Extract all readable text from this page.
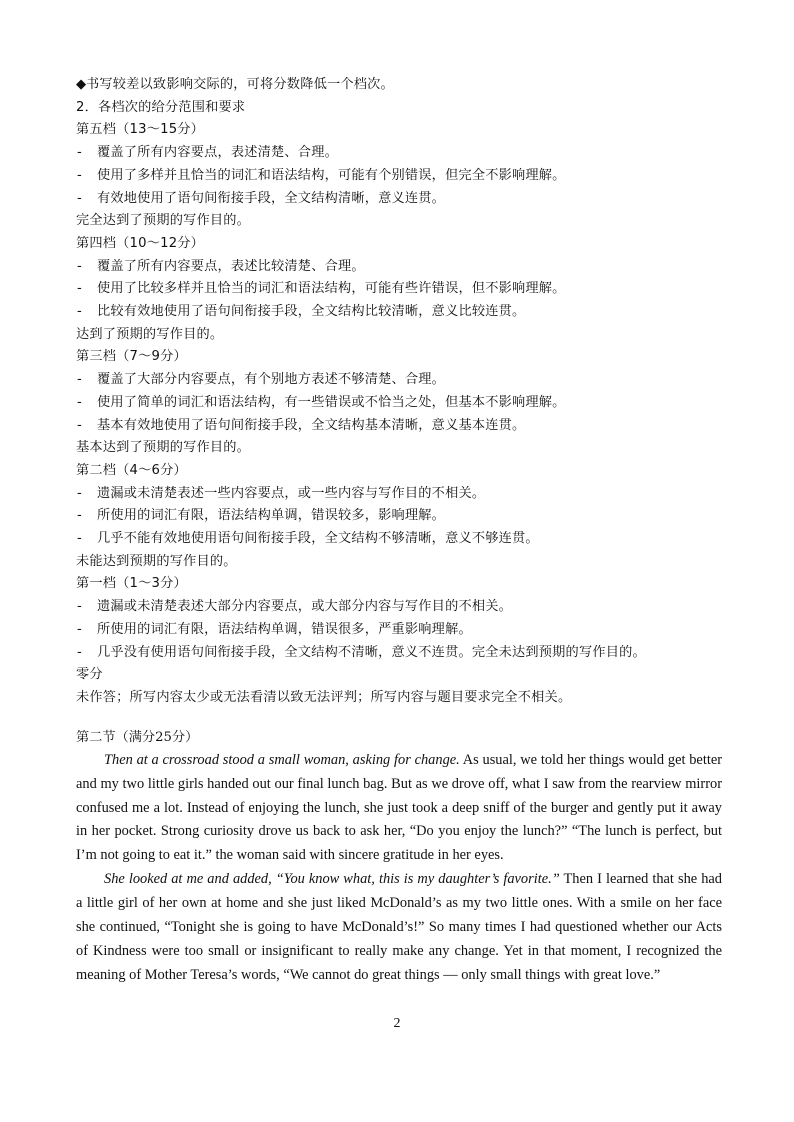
◆书写较差以致影响交际的，可将分数降低一个档次。
2．各档次的给分范围和要求
第五档（13～15分）
- 覆盖了所有内容要点，表述清楚、合理。
- 使用了多样并且恰当的词汇和语法结构，可能有个别错误，但完全不影响理解。
- 有效地使用了语句间衔接手段，全文结构清晰，意义连贯。
完全达到了预期的写作目的。
第四档（10～12分）
- 覆盖了所有内容要点，表述比较清楚、合理。
- 使用了比较多样并且恰当的词汇和语法结构，可能有些许错误，但不影响理解。
- 比较有效地使用了语句间衔接手段，全文结构比较清晰，意义比较连贯。
达到了预期的写作目的。
第三档（7～9分）
- 覆盖了大部分内容要点，有个别地方表述不够清楚、合理。
- 使用了简单的词汇和语法结构，有一些错误或不恰当之处，但基本不影响理解。
- 基本有效地使用了语句间衔接手段，全文结构基本清晰，意义基本连贯。
基本达到了预期的写作目的。
第二档（4～6分）
- 遗漏或未清楚表述一些内容要点，或一些内容与写作目的不相关。
- 所使用的词汇有限，语法结构单调，错误较多，影响理解。
- 几乎不能有效地使用语句间衔接手段，全文结构不够清晰，意义不够连贯。
未能达到预期的写作目的。
第一档（1～3分）
- 遗漏或未清楚表述大部分内容要点，或大部分内容与写作目的不相关。
- 所使用的词汇有限，语法结构单调，错误很多，严重影响理解。
- 几乎没有使用语句间衔接手段，全文结构不清晰，意义不连贯。完全未达到预期的写作目的。
零分
未作答；所写内容太少或无法看清以致无法评判；所写内容与题目要求完全不相关。
第二节（满分25分）

Then at a crossroad stood a small woman, asking for change. As usual, we told her things would get better and my two little girls handed out our final lunch bag. But as we drove off, what I saw from the rearview mirror confused me a lot. Instead of enjoying the lunch, she just took a deep sniff of the burger and gently put it away in her pocket. Strong curiosity drove us back to ask her, “Do you enjoy the lunch?” “The lunch is perfect, but I’m not going to eat it.” the woman said with sincere gratitude in her eyes.

She looked at me and added, “You know what, this is my daughter’s favorite.” Then I learned that she had a little girl of her own at home and she just liked McDonald’s as my two little ones. With a smile on her face she continued, “Tonight she is going to have McDonald’s!” So many times I had questioned whether our Acts of Kindness were too small or insignificant to really make any change. Yet in that moment, I recognized the meaning of Mother Teresa’s words, “We cannot do great things — only small things with great love.”

2
